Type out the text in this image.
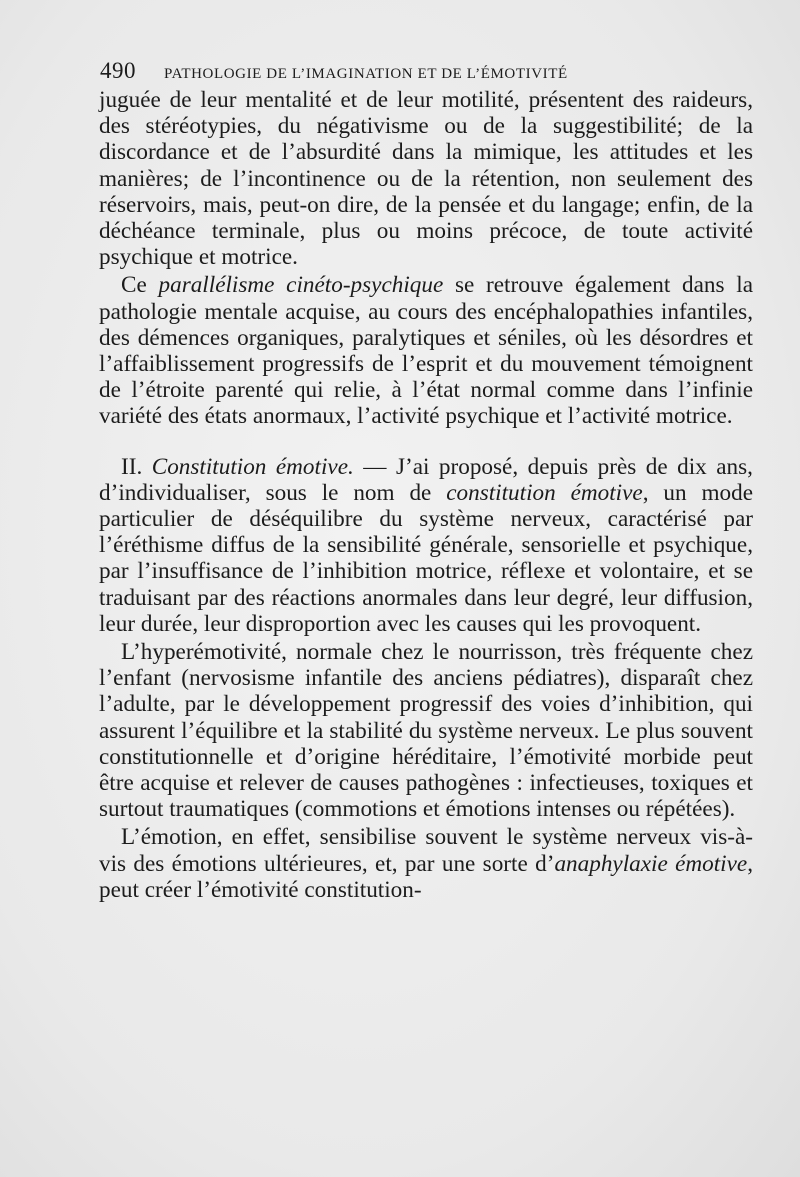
490 PATHOLOGIE DE L’IMAGINATION ET DE L’ÉMOTIVITÉ

juguée de leur mentalité et de leur motilité, présentent des raideurs, des stéréotypies, du négativisme ou de la suggestibilité; de la discordance et de l’absurdité dans la mimique, les attitudes et les manières; de l’incontinence ou de la rétention, non seulement des réservoirs, mais, peut-on dire, de la pensée et du langage; enfin, de la déchéance terminale, plus ou moins précoce, de toute activité psychique et motrice.

Ce parallélisme cinéto-psychique se retrouve également dans la pathologie mentale acquise, au cours des encéphalopathies infantiles, des démences organiques, paralytiques et séniles, où les désordres et l’affaiblissement progressifs de l’esprit et du mouvement témoignent de l’étroite parenté qui relie, à l’état normal comme dans l’infinie variété des états anormaux, l’activité psychique et l’activité motrice.

II. Constitution émotive. — J’ai proposé, depuis près de dix ans, d’individualiser, sous le nom de constitution émotive, un mode particulier de déséquilibre du système nerveux, caractérisé par l’éréthisme diffus de la sensibilité générale, sensorielle et psychique, par l’insuffisance de l’inhibition motrice, réflexe et volontaire, et se traduisant par des réactions anormales dans leur degré, leur diffusion, leur durée, leur disproportion avec les causes qui les provoquent.

L’hyperémotivité, normale chez le nourrisson, très fréquente chez l’enfant (nervosisme infantile des anciens pédiatres), disparaît chez l’adulte, par le développement progressif des voies d’inhibition, qui assurent l’équilibre et la stabilité du système nerveux. Le plus souvent constitutionnelle et d’origine héréditaire, l’émotivité morbide peut être acquise et relever de causes pathogènes : infectieuses, toxiques et surtout traumatiques (commotions et émotions intenses ou répétées).

L’émotion, en effet, sensibilise souvent le système nerveux vis-à-vis des émotions ultérieures, et, par une sorte d’anaphylaxie émotive, peut créer l’émotivité constitution-
